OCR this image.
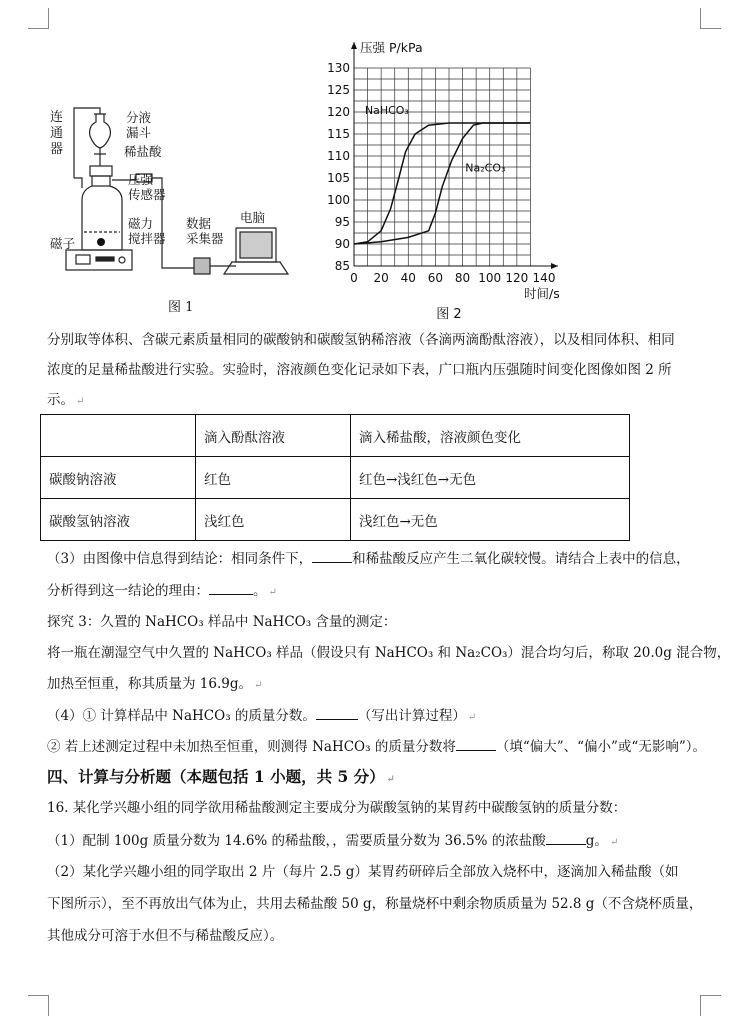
连
通
器
分液
漏斗
稀盐酸
压强
传感器
磁力
搅拌器
磁子
数据
采集器
电脑
图 1
0 20 40 60 80 100 120 140
85
90
95
100
105
110
115
120
125
130
压强 P/kPa
时间/s
图 2
NaHCO₃
Na₂CO₃
分别取等体积、含碳元素质量相同的碳酸钠和碳酸氢钠稀溶液（各滴两滴酚酞溶液），以及相同体积、相同
浓度的足量稀盐酸进行实验。实验时，溶液颜色变化记录如下表，广口瓶内压强随时间变化图像如图 2 所
示。 ↵
	滴入酚酞溶液	滴入稀盐酸，溶液颜色变化
碳酸钠溶液	红色	红色→浅红色→无色
碳酸氢钠溶液	浅红色	浅红色→无色
（3）由图像中信息得到结论：相同条件下，	和稀盐酸反应产生二氧化碳较慢。请结合上表中的信息，
分析得到这一结论的理由：	。 ↵
探究 3：久置的 NaHCO₃ 样品中 NaHCO₃ 含量的测定：
将一瓶在潮湿空气中久置的 NaHCO₃ 样品（假设只有 NaHCO₃ 和 Na₂CO₃）混合均匀后，称取 20.0g 混合物，
加热至恒重，称其质量为 16.9g。 ↵
（4）① 计算样品中 NaHCO₃ 的质量分数。	（写出计算过程） ↵
② 若上述测定过程中未加热至恒重，则测得 NaHCO₃ 的质量分数将	（填“偏大”、“偏小”或“无影响”）。
四、计算与分析题（本题包括 1 小题，共 5 分） ↵
16. 某化学兴趣小组的同学欲用稀盐酸测定主要成分为碳酸氢钠的某胃药中碳酸氢钠的质量分数：
（1）配制 100g 质量分数为 14.6% 的稀盐酸，，需要质量分数为 36.5% 的浓盐酸	g。 ↵
（2）某化学兴趣小组的同学取出 2 片（每片 2.5 g）某胃药研碎后全部放入烧杯中，逐滴加入稀盐酸（如
下图所示），至不再放出气体为止，共用去稀盐酸 50 g，称量烧杯中剩余物质质量为 52.8 g（不含烧杯质量，
其他成分可溶于水但不与稀盐酸反应）。
